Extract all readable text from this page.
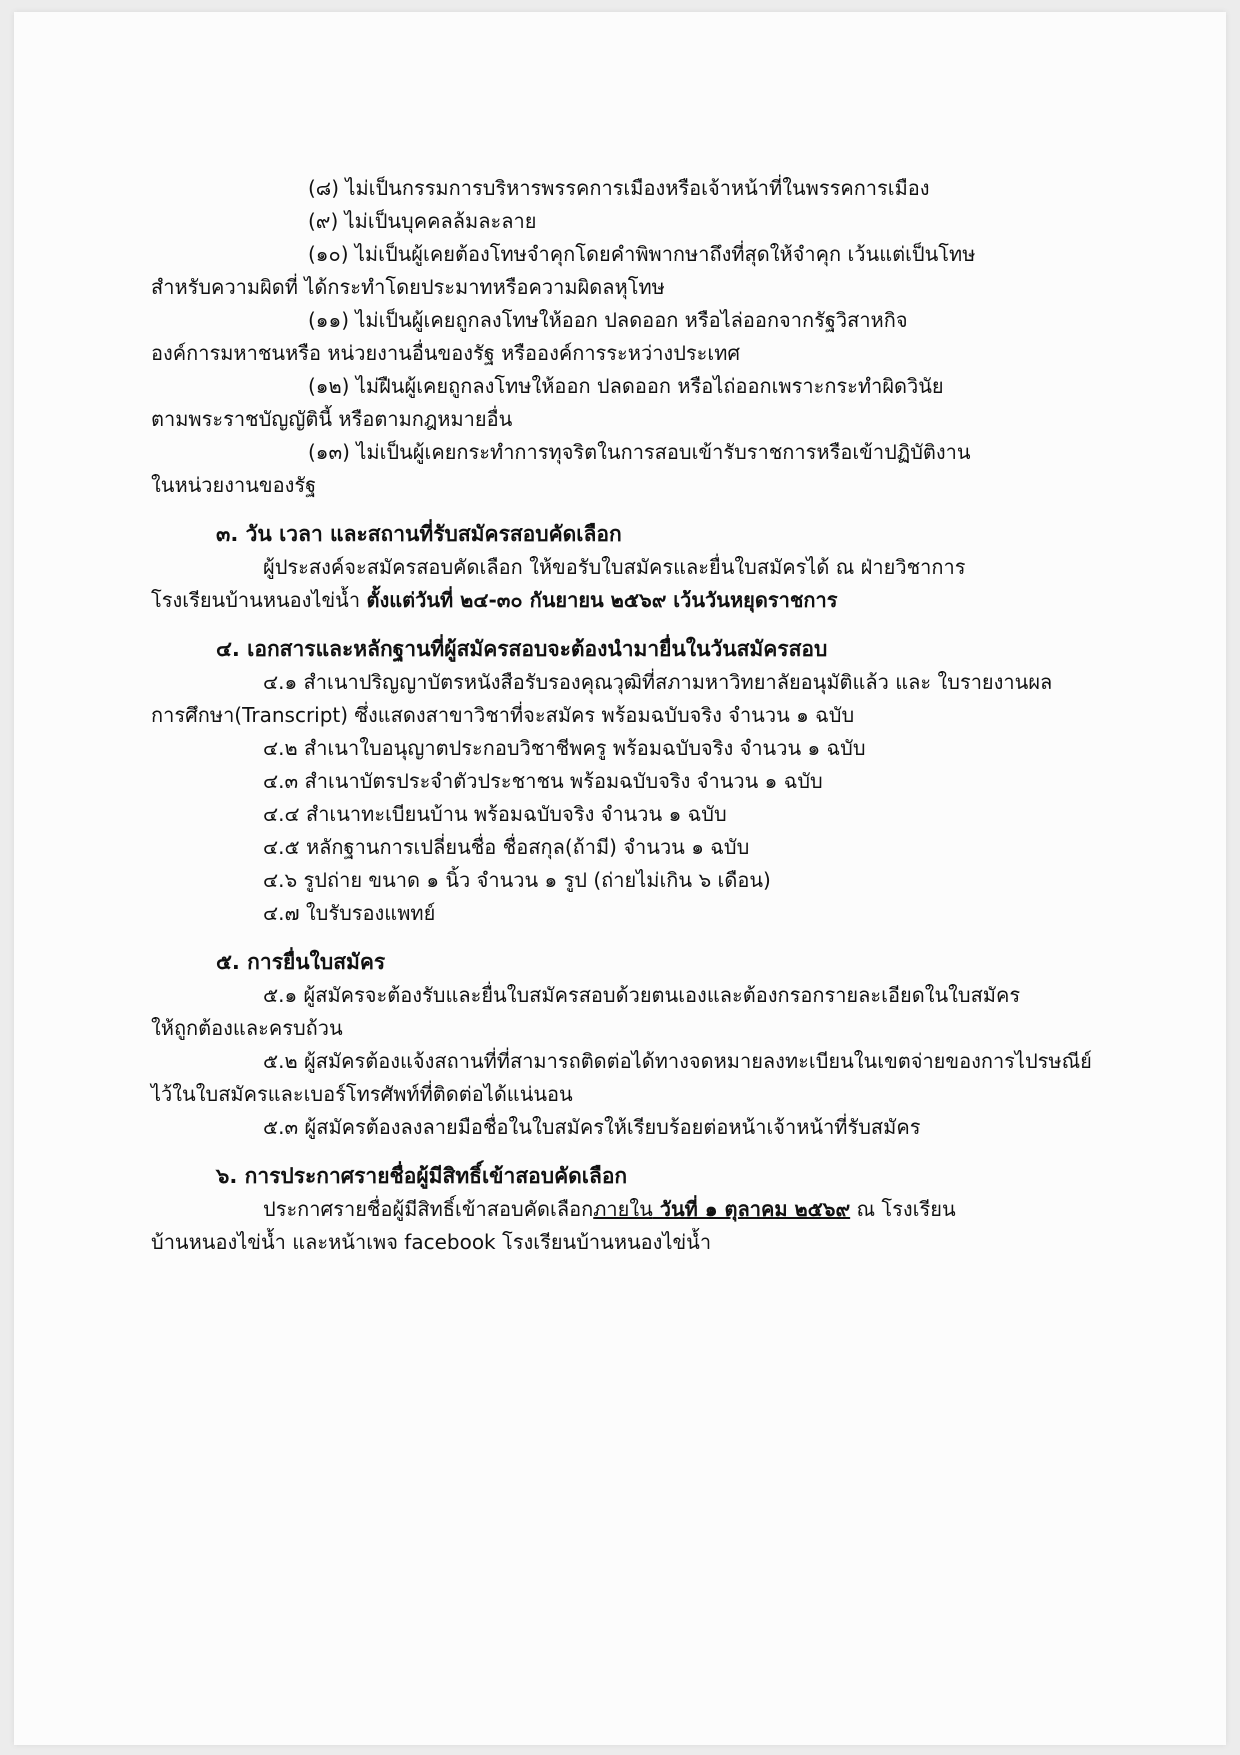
(๘) ไม่เป็นกรรมการบริหารพรรคการเมืองหรือเจ้าหน้าที่ในพรรคการเมือง
(๙) ไม่เป็นบุคคลล้มละลาย
(๑๐) ไม่เป็นผู้เคยต้องโทษจำคุกโดยคำพิพากษาถึงที่สุดให้จำคุก เว้นแต่เป็นโทษ
สำหรับความผิดที่ ได้กระทำโดยประมาทหรือความผิดลหุโทษ
(๑๑) ไม่เป็นผู้เคยถูกลงโทษให้ออก ปลดออก หรือไล่ออกจากรัฐวิสาหกิจ
องค์การมหาชนหรือ หน่วยงานอื่นของรัฐ หรือองค์การระหว่างประเทศ
(๑๒) ไม่ฝืนผู้เคยถูกลงโทษให้ออก ปลดออก หรือไถ่ออกเพราะกระทำผิดวินัย
ตามพระราชบัญญัตินี้ หรือตามกฎหมายอื่น
(๑๓) ไม่เป็นผู้เคยกระทำการทุจริตในการสอบเข้ารับราชการหรือเข้าปฏิบัติงาน
ในหน่วยงานของรัฐ
๓. วัน เวลา และสถานที่รับสมัครสอบคัดเลือก
ผู้ประสงค์จะสมัครสอบคัดเลือก ให้ขอรับใบสมัครและยื่นใบสมัครได้ ณ ฝ่ายวิชาการ
โรงเรียนบ้านหนองไข่น้ำ ตั้งแต่วันที่ ๒๔-๓๐ กันยายน ๒๕๖๙ เว้นวันหยุดราชการ
๔. เอกสารและหลักฐานที่ผู้สมัครสอบจะต้องนำมายื่นในวันสมัครสอบ
๔.๑ สำเนาปริญญาบัตรหนังสือรับรองคุณวุฒิที่สภามหาวิทยาลัยอนุมัติแล้ว และ ใบรายงานผล
การศึกษา(Transcript) ซึ่งแสดงสาขาวิชาที่จะสมัคร พร้อมฉบับจริง จำนวน ๑ ฉบับ
๔.๒ สำเนาใบอนุญาตประกอบวิชาชีพครู พร้อมฉบับจริง จำนวน ๑ ฉบับ
๔.๓ สำเนาบัตรประจำตัวประชาชน พร้อมฉบับจริง จำนวน ๑ ฉบับ
๔.๔ สำเนาทะเบียนบ้าน พร้อมฉบับจริง จำนวน ๑ ฉบับ
๔.๕ หลักฐานการเปลี่ยนชื่อ ชื่อสกุล(ถ้ามี) จำนวน ๑ ฉบับ
๔.๖ รูปถ่าย ขนาด ๑ นิ้ว จำนวน ๑ รูป (ถ่ายไม่เกิน ๖ เดือน)
๔.๗ ใบรับรองแพทย์
๕. การยื่นใบสมัคร
๕.๑ ผู้สมัครจะต้องรับและยื่นใบสมัครสอบด้วยตนเองและต้องกรอกรายละเอียดในใบสมัคร
ให้ถูกต้องและครบถ้วน
๕.๒ ผู้สมัครต้องแจ้งสถานที่ที่สามารถติดต่อได้ทางจดหมายลงทะเบียนในเขตจ่ายของการไปรษณีย์
ไว้ในใบสมัครและเบอร์โทรศัพท์ที่ติดต่อได้แน่นอน
๕.๓ ผู้สมัครต้องลงลายมือชื่อในใบสมัครให้เรียบร้อยต่อหน้าเจ้าหน้าที่รับสมัคร
๖. การประกาศรายชื่อผู้มีสิทธิ์เข้าสอบคัดเลือก
ประกาศรายชื่อผู้มีสิทธิ์เข้าสอบคัดเลือกภายใน วันที่ ๑ ตุลาคม ๒๕๖๙ ณ โรงเรียน
บ้านหนองไข่น้ำ และหน้าเพจ facebook โรงเรียนบ้านหนองไข่น้ำ
